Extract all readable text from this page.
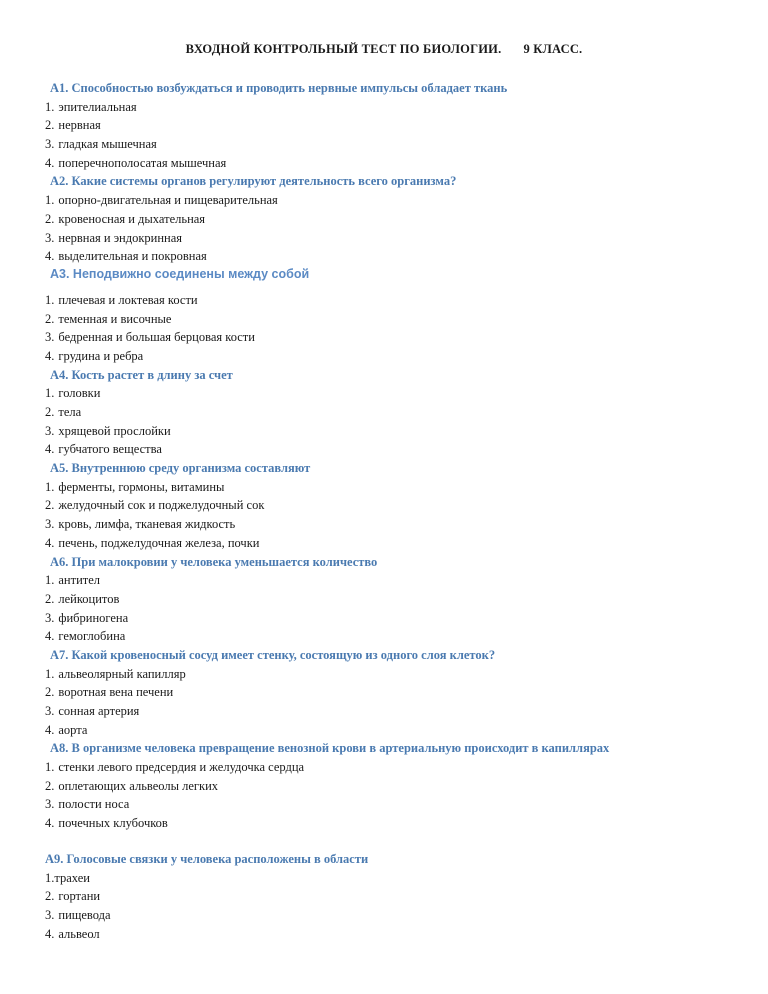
ВХОДНОЙ КОНТРОЛЬНЫЙ ТЕСТ ПО БИОЛОГИИ. 9 КЛАСС.
А1. Способностью возбуждаться и проводить нервные импульсы обладает ткань
1. эпителиальная
2. нервная
3. гладкая мышечная
4. поперечнополосатая мышечная
А2. Какие системы органов регулируют деятельность всего организма?
1. опорно-двигательная и пищеварительная
2. кровеносная и дыхательная
3. нервная и эндокринная
4. выделительная и покровная
А3. Неподвижно соединены между собой
1. плечевая и локтевая кости
2. теменная и височные
3. бедренная и большая берцовая кости
4. грудина и ребра
А4. Кость растет в длину за счет
1. головки
2. тела
3. хрящевой прослойки
4. губчатого вещества
А5. Внутреннюю среду организма составляют
1. ферменты, гормоны, витамины
2. желудочный сок и поджелудочный сок
3. кровь, лимфа, тканевая жидкость
4. печень, поджелудочная железа, почки
А6. При малокровии у человека уменьшается количество
1. антител
2. лейкоцитов
3. фибриногена
4. гемоглобина
А7. Какой кровеносный сосуд имеет стенку, состоящую из одного слоя клеток?
1. альвеолярный капилляр
2. воротная вена печени
3. сонная артерия
4. аорта
А8. В организме человека превращение венозной крови в артериальную происходит в капиллярах
1. стенки левого предсердия и желудочка сердца
2. оплетающих альвеолы легких
3. полости носа
4. почечных клубочков
А9. Голосовые связки у человека расположены в области
1.трахеи
2. гортани
3. пищевода
4. альвеол
